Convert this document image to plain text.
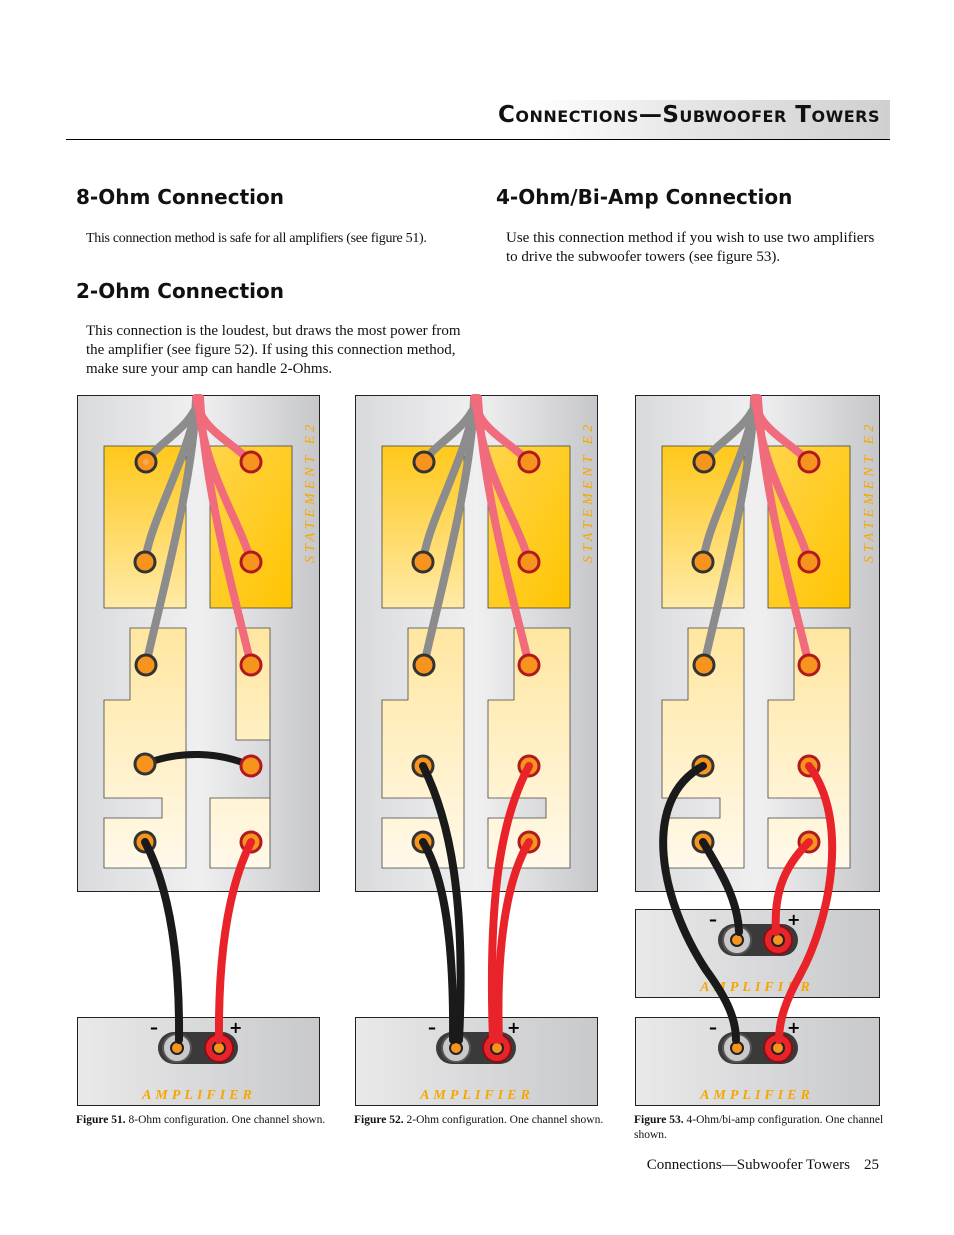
Connections—Subwoofer Towers
8-Ohm Connection
This connection method is safe for all amplifiers (see figure 51).
2-Ohm Connection
This connection is the loudest, but draws the most power from the amplifier (see figure 52). If using this connection method, make sure your amp can handle 2-Ohms.
4-Ohm/Bi-Amp Connection
Use this connection method if you wish to use two amplifiers to drive the subwoofer towers (see figure 53).
STATEMENT E2
–	+
AMPLIFIER
STATEMENT E2
–	+
AMPLIFIER
STATEMENT E2
–	+
AMPLIFIER
–	+
AMPLIFIER
Figure 51. 8-Ohm configuration. One channel shown.	Figure 52. 2-Ohm configuration. One channel shown.	Figure 53. 4-Ohm/bi-amp configuration. One channel shown.
Connections—Subwoofer Towers 25
